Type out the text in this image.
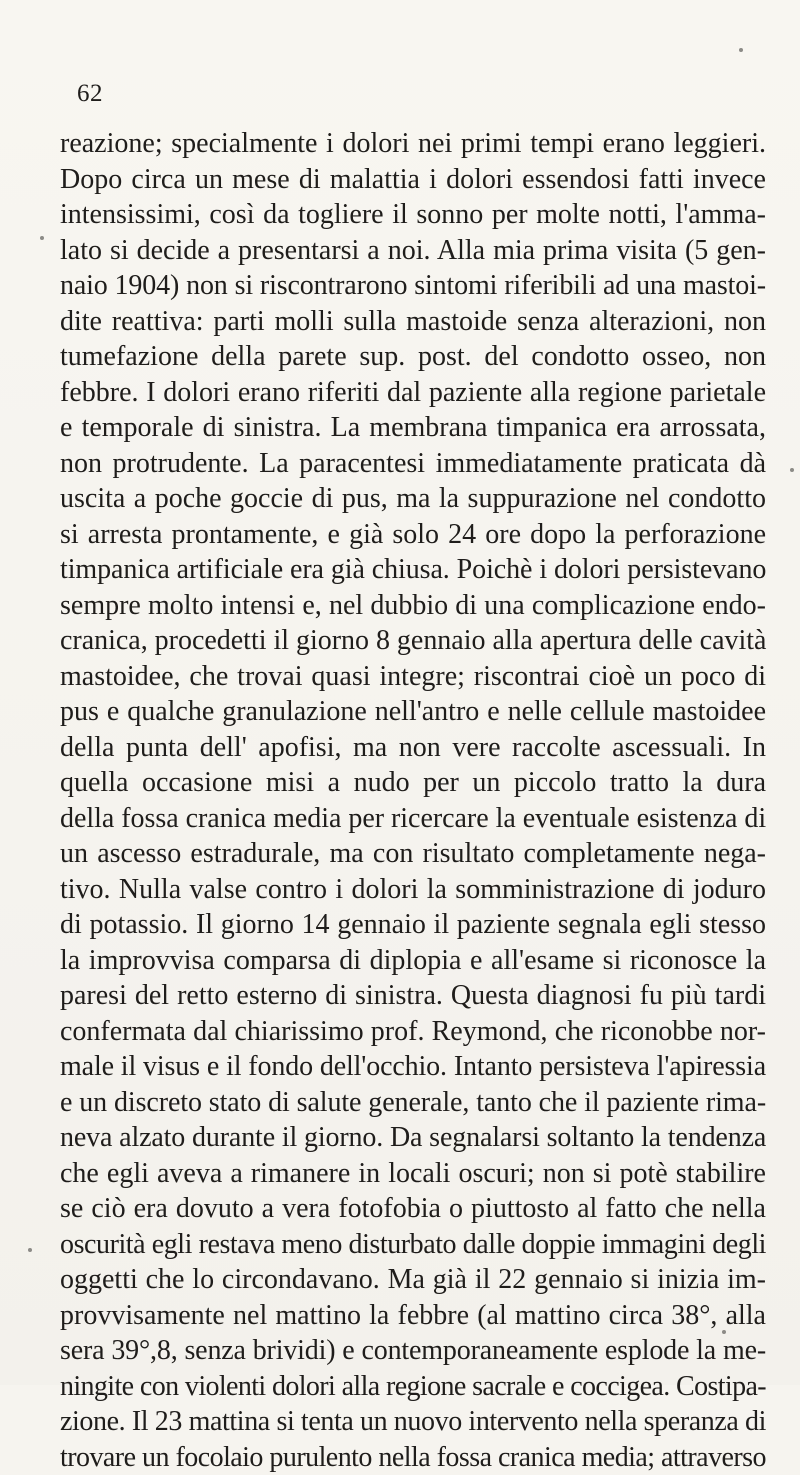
62

reazione; specialmente i dolori nei primi tempi erano leggieri.

Dopo circa un mese di malattia i dolori essendosi fatti invece

intensissimi, così da togliere il sonno per molte notti, l'amma-

lato si decide a presentarsi a noi. Alla mia prima visita (5 gen-

naio 1904) non si riscontrarono sintomi riferibili ad una mastoi-

dite reattiva: parti molli sulla mastoide senza alterazioni, non

tumefazione della parete sup. post. del condotto osseo, non

febbre. I dolori erano riferiti dal paziente alla regione parietale

e temporale di sinistra. La membrana timpanica era arrossata,

non protrudente. La paracentesi immediatamente praticata dà

uscita a poche goccie di pus, ma la suppurazione nel condotto

si arresta prontamente, e già solo 24 ore dopo la perforazione

timpanica artificiale era già chiusa. Poichè i dolori persistevano

sempre molto intensi e, nel dubbio di una complicazione endo-

cranica, procedetti il giorno 8 gennaio alla apertura delle cavità

mastoidee, che trovai quasi integre; riscontrai cioè un poco di

pus e qualche granulazione nell'antro e nelle cellule mastoidee

della punta dell' apofisi, ma non vere raccolte ascessuali. In

quella occasione misi a nudo per un piccolo tratto la dura

della fossa cranica media per ricercare la eventuale esistenza di

un ascesso estradurale, ma con risultato completamente nega-

tivo. Nulla valse contro i dolori la somministrazione di joduro

di potassio. Il giorno 14 gennaio il paziente segnala egli stesso

la improvvisa comparsa di diplopia e all'esame si riconosce la

paresi del retto esterno di sinistra. Questa diagnosi fu più tardi

confermata dal chiarissimo prof. Reymond, che riconobbe nor-

male il visus e il fondo dell'occhio. Intanto persisteva l'apiressia

e un discreto stato di salute generale, tanto che il paziente rima-

neva alzato durante il giorno. Da segnalarsi soltanto la tendenza

che egli aveva a rimanere in locali oscuri; non si potè stabilire

se ciò era dovuto a vera fotofobia o piuttosto al fatto che nella

oscurità egli restava meno disturbato dalle doppie immagini degli

oggetti che lo circondavano. Ma già il 22 gennaio si inizia im-

provvisamente nel mattino la febbre (al mattino circa 38°, alla

sera 39°,8, senza brividi) e contemporaneamente esplode la me-

ningite con violenti dolori alla regione sacrale e coccigea. Costipa-

zione. Il 23 mattina si tenta un nuovo intervento nella speranza di

trovare un focolaio purulento nella fossa cranica media; attraverso
